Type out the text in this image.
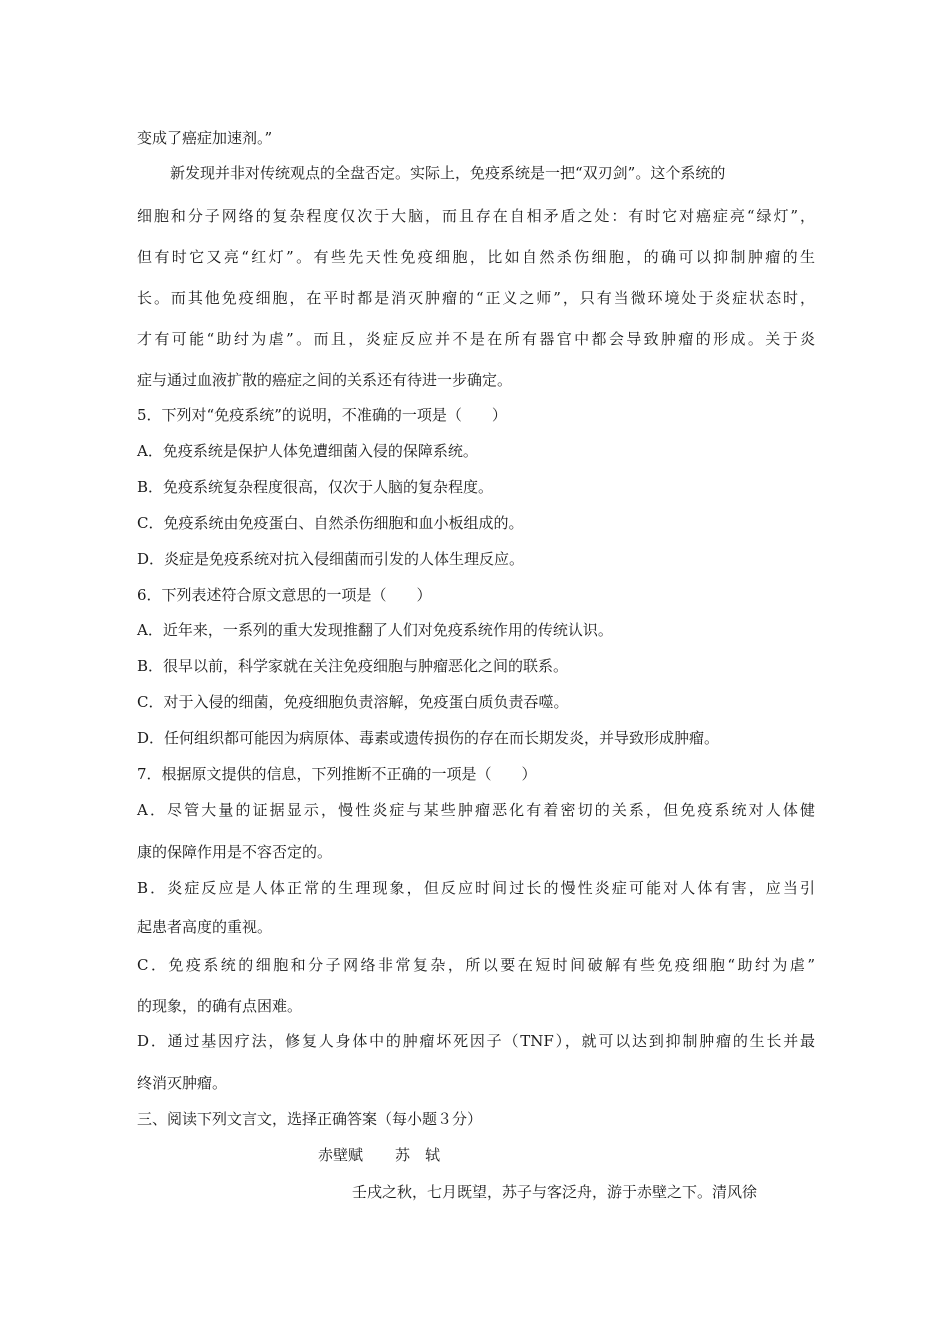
变成了癌症加速剂。”
新发现并非对传统观点的全盘否定。实际上，免疫系统是一把“双刃剑”。这个系统的
细胞和分子网络的复杂程度仅次于大脑，而且存在自相矛盾之处：有时它对癌症亮“绿灯”，
但有时它又亮“红灯”。有些先天性免疫细胞，比如自然杀伤细胞，的确可以抑制肿瘤的生
长。而其他免疫细胞，在平时都是消灭肿瘤的“正义之师”，只有当微环境处于炎症状态时，
才有可能“助纣为虐”。而且，炎症反应并不是在所有器官中都会导致肿瘤的形成。关于炎
症与通过血液扩散的癌症之间的关系还有待进一步确定。
5．下列对“免疫系统”的说明，不准确的一项是（　　）
A．免疫系统是保护人体免遭细菌入侵的保障系统。
B．免疫系统复杂程度很高，仅次于人脑的复杂程度。
C．免疫系统由免疫蛋白、自然杀伤细胞和血小板组成的。
D．炎症是免疫系统对抗入侵细菌而引发的人体生理反应。
6．下列表述符合原文意思的一项是（　　）
A．近年来，一系列的重大发现推翻了人们对免疫系统作用的传统认识。
B．很早以前，科学家就在关注免疫细胞与肿瘤恶化之间的联系。
C．对于入侵的细菌，免疫细胞负责溶解，免疫蛋白质负责吞噬。
D．任何组织都可能因为病原体、毒素或遗传损伤的存在而长期发炎，并导致形成肿瘤。
7．根据原文提供的信息，下列推断不正确的一项是（　　）
A．尽管大量的证据显示，慢性炎症与某些肿瘤恶化有着密切的关系，但免疫系统对人体健
康的保障作用是不容否定的。
B．炎症反应是人体正常的生理现象，但反应时间过长的慢性炎症可能对人体有害，应当引
起患者高度的重视。
C．免疫系统的细胞和分子网络非常复杂，所以要在短时间破解有些免疫细胞“助纣为虐”
的现象，的确有点困难。
D．通过基因疗法，修复人身体中的肿瘤坏死因子（TNF），就可以达到抑制肿瘤的生长并最
终消灭肿瘤。
三、阅读下列文言文，选择正确答案（每小题３分）
赤壁赋 苏　轼
壬戌之秋，七月既望，苏子与客泛舟，游于赤壁之下。清风徐
